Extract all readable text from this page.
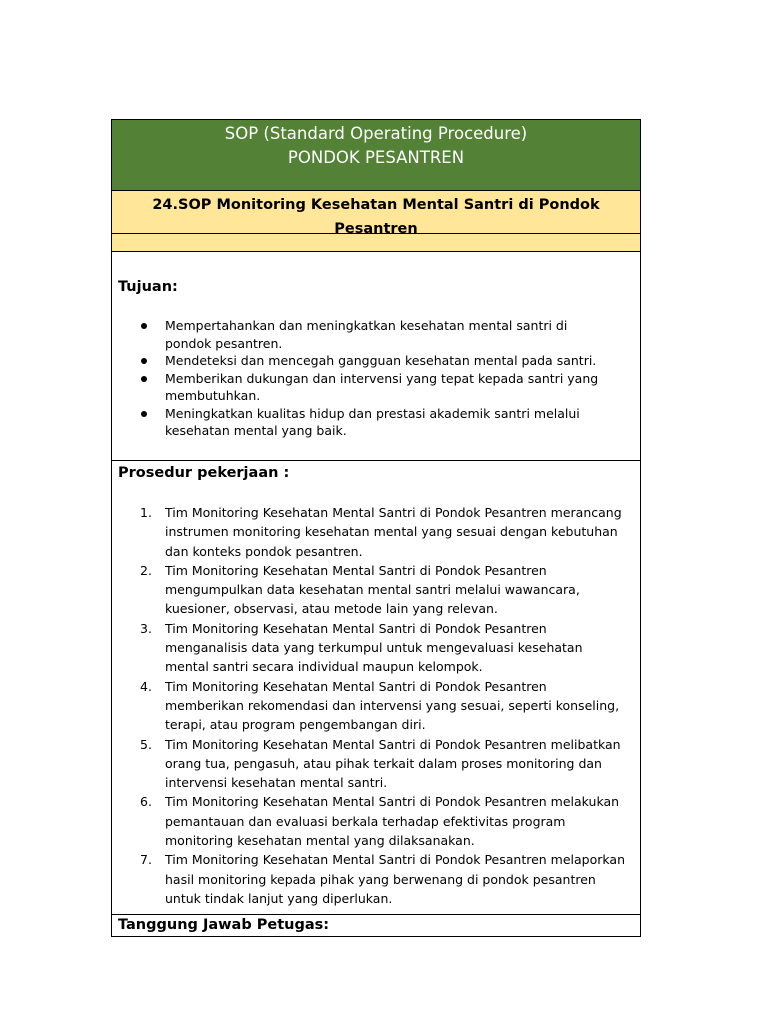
SOP (Standard Operating Procedure)
PONDOK PESANTREN
24.SOP Monitoring Kesehatan Mental Santri di Pondok Pesantren

Tujuan:

Mempertahankan dan meningkatkan kesehatan mental santri di pondok pesantren.
Mendeteksi dan mencegah gangguan kesehatan mental pada santri.
Memberikan dukungan dan intervensi yang tepat kepada santri yang membutuhkan.
Meningkatkan kualitas hidup dan prestasi akademik santri melalui kesehatan mental yang baik.

Prosedur pekerjaan :

1. Tim Monitoring Kesehatan Mental Santri di Pondok Pesantren merancang instrumen monitoring kesehatan mental yang sesuai dengan kebutuhan dan konteks pondok pesantren.
2. Tim Monitoring Kesehatan Mental Santri di Pondok Pesantren mengumpulkan data kesehatan mental santri melalui wawancara, kuesioner, observasi, atau metode lain yang relevan.
3. Tim Monitoring Kesehatan Mental Santri di Pondok Pesantren menganalisis data yang terkumpul untuk mengevaluasi kesehatan mental santri secara individual maupun kelompok.
4. Tim Monitoring Kesehatan Mental Santri di Pondok Pesantren memberikan rekomendasi dan intervensi yang sesuai, seperti konseling, terapi, atau program pengembangan diri.
5. Tim Monitoring Kesehatan Mental Santri di Pondok Pesantren melibatkan orang tua, pengasuh, atau pihak terkait dalam proses monitoring dan intervensi kesehatan mental santri.
6. Tim Monitoring Kesehatan Mental Santri di Pondok Pesantren melakukan pemantauan dan evaluasi berkala terhadap efektivitas program monitoring kesehatan mental yang dilaksanakan.
7. Tim Monitoring Kesehatan Mental Santri di Pondok Pesantren melaporkan hasil monitoring kepada pihak yang berwenang di pondok pesantren untuk tindak lanjut yang diperlukan.

Tanggung Jawab Petugas:
